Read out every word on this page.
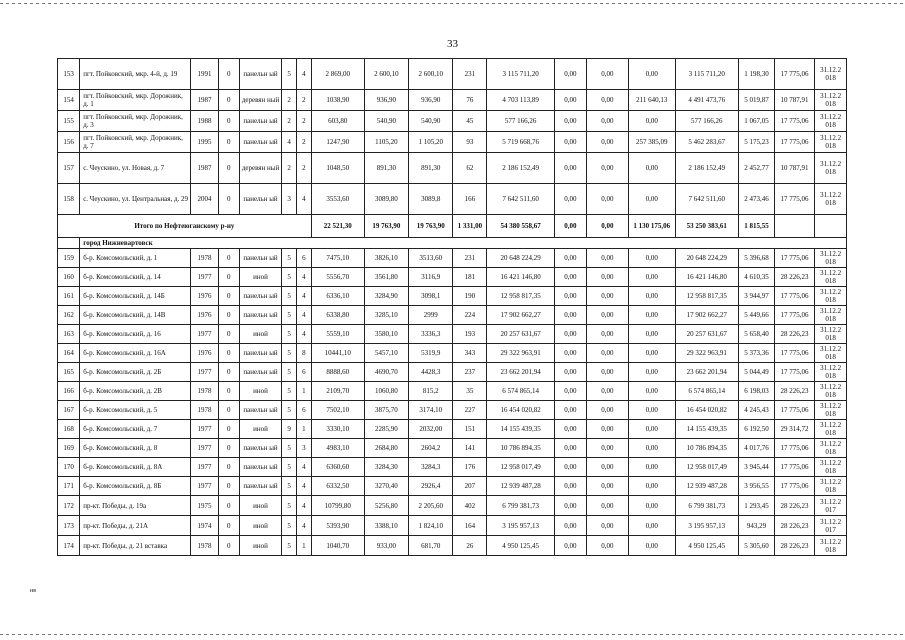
33
153	пгт. Пойковский, мкр. 4-й, д. 19	1991	0	панельн ый	5	4	2 869,00	2 600,10	2 600,10	231	3 115 711,20	0,00	0,00	0,00	3 115 711,20	1 198,30	17 775,06	31.12.2 018
154	пгт. Пойковский, мкр. Дорожник, д. 1	1987	0	деревян ный	2	2	1038,90	936,90	936,90	76	4 703 113,89	0,00	0,00	211 640,13	4 491 473,76	5 019,87	10 787,91	31.12.2 018
155	пгт. Пойковский, мкр. Дорожник, д. 3	1988	0	панельн ый	2	2	603,80	540,90	540,90	45	577 166,26	0,00	0,00	0,00	577 166,26	1 067,05	17 775,06	31.12.2 018
156	пгт. Пойковский, мкр. Дорожник, д. 7	1995	0	панельн ый	4	2	1247,90	1105,20	1 105,20	93	5 719 668,76	0,00	0,00	257 385,09	5 462 283,67	5 175,23	17 775,06	31.12.2 018
157	с. Чеускино, ул. Новая, д. 7	1987	0	деревян ный	2	2	1048,50	891,30	891,30	62	2 186 152,49	0,00	0,00	0,00	2 186 152,49	2 452,77	10 787,91	31.12.2 018
158	с. Чеускино, ул. Центральная, д. 29	2004	0	панельн ый	3	4	3553,60	3089,80	3089,8	166	7 642 511,60	0,00	0,00	0,00	7 642 511,60	2 473,46	17 775,06	31.12.2 018
Итого по Нефтеюганскому р-ну							22 521,30	19 763,90	19 763,90	1 331,00	54 380 558,67	0,00	0,00	1 130 175,06	53 250 383,61	1 815,55		
	город Нижневартовск																	
159	б-р. Комсомольский, д. 1	1978	0	панельн ый	5	6	7475,10	3826,10	3513,60	231	20 648 224,29	0,00	0,00	0,00	20 648 224,29	5 396,68	17 775,06	31.12.2 018
160	б-р. Комсомольский, д. 14	1977	0	иной	5	4	5556,70	3561,80	3116,9	181	16 421 146,80	0,00	0,00	0,00	16 421 146,80	4 610,35	28 226,23	31.12.2 018
161	б-р. Комсомольский, д. 14Б	1976	0	панельн ый	5	4	6336,10	3284,90	3098,1	190	12 958 817,35	0,00	0,00	0,00	12 958 817,35	3 944,97	17 775,06	31.12.2 018
162	б-р. Комсомольский, д. 14В	1976	0	панельн ый	5	4	6338,80	3285,10	2999	224	17 902 662,27	0,00	0,00	0,00	17 902 662,27	5 449,66	17 775,06	31.12.2 018
163	б-р. Комсомольский, д. 16	1977	0	иной	5	4	5559,10	3580,10	3336,3	193	20 257 631,67	0,00	0,00	0,00	20 257 631,67	5 658,40	28 226,23	31.12.2 018
164	б-р. Комсомольский, д. 16А	1976	0	панельн ый	5	8	10441,10	5457,10	5319,9	343	29 322 963,91	0,00	0,00	0,00	29 322 963,91	5 373,36	17 775,06	31.12.2 018
165	б-р. Комсомольский, д. 2Б	1977	0	панельн ый	5	6	8888,60	4690,70	4428,3	237	23 662 201,94	0,00	0,00	0,00	23 662 201,94	5 044,49	17 775,06	31.12.2 018
166	б-р. Комсомольский, д. 2В	1978	0	иной	5	1	2109,70	1060,80	815,2	35	6 574 865,14	0,00	0,00	0,00	6 574 865,14	6 198,03	28 226,23	31.12.2 018
167	б-р. Комсомольский, д. 5	1978	0	панельн ый	5	6	7502,10	3875,70	3174,10	227	16 454 020,82	0,00	0,00	0,00	16 454 020,82	4 245,43	17 775,06	31.12.2 018
168	б-р. Комсомольский, д. 7	1977	0	иной	9	1	3330,10	2285,90	2032,00	151	14 155 439,35	0,00	0,00	0,00	14 155 439,35	6 192,50	29 314,72	31.12.2 018
169	б-р. Комсомольский, д. 8	1977	0	панельн ый	5	3	4983,10	2684,80	2604,2	141	10 786 894,35	0,00	0,00	0,00	10 786 894,35	4 017,76	17 775,06	31.12.2 018
170	б-р. Комсомольский, д. 8А	1977	0	панельн ый	5	4	6360,60	3284,30	3284,3	176	12 958 017,49	0,00	0,00	0,00	12 958 017,49	3 945,44	17 775,06	31.12.2 018
171	б-р. Комсомольский, д. 8Б	1977	0	панельн ый	5	4	6332,50	3270,40	2926,4	207	12 939 487,28	0,00	0,00	0,00	12 939 487,28	3 956,55	17 775,06	31.12.2 018
172	пр-кт. Победы, д. 19а	1975	0	иной	5	4	10799,80	5256,80	2 205,60	402	6 799 381,73	0,00	0,00	0,00	6 799 381,73	1 293,45	28 226,23	31.12.2 017
173	пр-кт. Победы, д. 21А	1974	0	иной	5	4	5393,90	3388,10	1 824,10	164	3 195 957,13	0,00	0,00	0,00	3 195 957,13	943,29	28 226,23	31.12.2 017
174	пр-кт. Победы, д. 21 вставка	1978	0	иной	5	1	1040,70	933,00	681,70	26	4 950 125,45	0,00	0,00	0,00	4 950 125,45	5 305,60	28 226,23	31.12.2 018
нв
